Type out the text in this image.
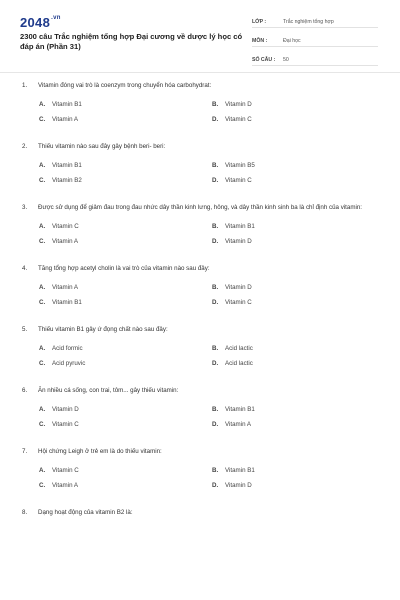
$2048^{.vn}$
2300 câu Trắc nghiệm tổng hợp Đại cương về dược lý học có đáp án (Phần 31)
LỚP :	Trắc nghiệm tổng hợp
MÔN :	Đại học
SỐ CÂU :	50
1.	Vitamin đóng vai trò là coenzym trong chuyển hóa carbohydrat:
A.	Vitamin B1	B.	Vitamin D
C.	Vitamin A	D.	Vitamin C
2.	Thiếu vitamin nào sau đây gây bệnh beri- beri:
A.	Vitamin B1	B.	Vitamin B5
C.	Vitamin B2	D.	Vitamin C
3.	Được sử dụng để giảm đau trong đau nhức dây thần kinh lưng, hông, và dây thần kinh sinh ba là chỉ định của vitamin:
A.	Vitamin C	B.	Vitamin B1
C.	Vitamin A	D.	Vitamin D
4.	Tăng tổng hợp acetyl cholin là vai trò của vitamin nào sau đây:
A.	Vitamin A	B.	Vitamin D
C.	Vitamin B1	D.	Vitamin C
5.	Thiếu vitamin B1 gây ứ đọng chất nào sau đây:
A.	Acid formic	B.	Acid lactic
C.	Acid pyruvic	D.	Acid lactic
6.	Ăn nhiều cá sống, con trai, tôm... gây thiếu vitamin:
A.	Vitamin D	B.	Vitamin B1
C.	Vitamin C	D.	Vitamin A
7.	Hội chứng Leigh ở trẻ em là do thiếu vitamin:
A.	Vitamin C	B.	Vitamin B1
C.	Vitamin A	D.	Vitamin D
8.	Dạng hoạt động của vitamin B2 là:
